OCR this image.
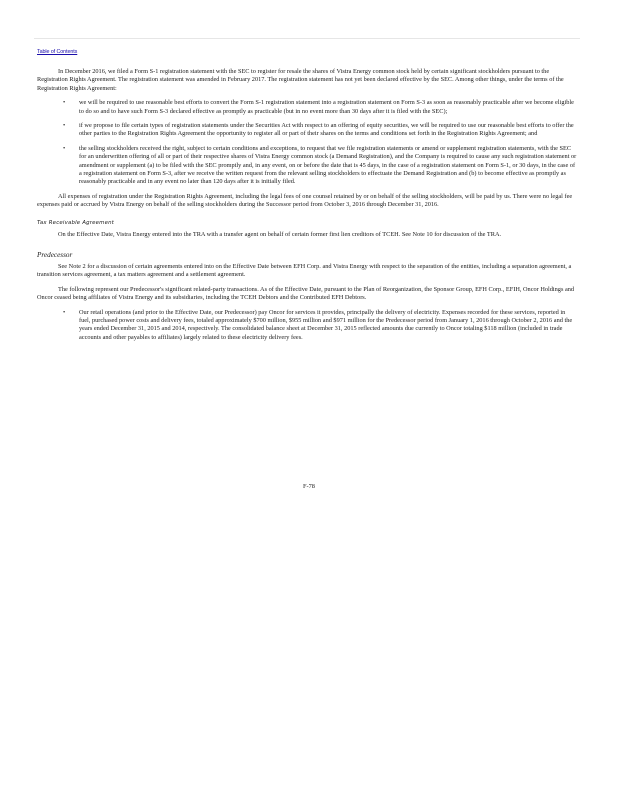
Table of Contents

In December 2016, we filed a Form S-1 registration statement with the SEC to register for resale the shares of Vistra Energy common stock held by certain significant stockholders pursuant to the Registration Rights Agreement. The registration statement was amended in February 2017. The registration statement has not yet been declared effective by the SEC. Among other things, under the terms of the Registration Rights Agreement:

• we will be required to use reasonable best efforts to convert the Form S-1 registration statement into a registration statement on Form S-3 as soon as reasonably practicable after we become eligible to do so and to have such Form S-3 declared effective as promptly as practicable (but in no event more than 30 days after it is filed with the SEC);
• if we propose to file certain types of registration statements under the Securities Act with respect to an offering of equity securities, we will be required to use our reasonable best efforts to offer the other parties to the Registration Rights Agreement the opportunity to register all or part of their shares on the terms and conditions set forth in the Registration Rights Agreement; and
• the selling stockholders received the right, subject to certain conditions and exceptions, to request that we file registration statements or amend or supplement registration statements, with the SEC for an underwritten offering of all or part of their respective shares of Vistra Energy common stock (a Demand Registration), and the Company is required to cause any such registration statement or amendment or supplement (a) to be filed with the SEC promptly and, in any event, on or before the date that is 45 days, in the case of a registration statement on Form S-1, or 30 days, in the case of a registration statement on Form S-3, after we receive the written request from the relevant selling stockholders to effectuate the Demand Registration and (b) to become effective as promptly as reasonably practicable and in any event no later than 120 days after it is initially filed.

All expenses of registration under the Registration Rights Agreement, including the legal fees of one counsel retained by or on behalf of the selling stockholders, will be paid by us. There were no legal fee expenses paid or accrued by Vistra Energy on behalf of the selling stockholders during the Successor period from October 3, 2016 through December 31, 2016.

Tax Receivable Agreement

On the Effective Date, Vistra Energy entered into the TRA with a transfer agent on behalf of certain former first lien creditors of TCEH. See Note 10 for discussion of the TRA.

Predecessor

See Note 2 for a discussion of certain agreements entered into on the Effective Date between EFH Corp. and Vistra Energy with respect to the separation of the entities, including a separation agreement, a transition services agreement, a tax matters agreement and a settlement agreement.

The following represent our Predecessor's significant related-party transactions. As of the Effective Date, pursuant to the Plan of Reorganization, the Sponsor Group, EFH Corp., EFIH, Oncor Holdings and Oncor ceased being affiliates of Vistra Energy and its subsidiaries, including the TCEH Debtors and the Contributed EFH Debtors.

• Our retail operations (and prior to the Effective Date, our Predecessor) pay Oncor for services it provides, principally the delivery of electricity. Expenses recorded for these services, reported in fuel, purchased power costs and delivery fees, totaled approximately $700 million, $955 million and $971 million for the Predecessor period from January 1, 2016 through October 2, 2016 and the years ended December 31, 2015 and 2014, respectively. The consolidated balance sheet at December 31, 2015 reflected amounts due currently to Oncor totaling $118 million (included in trade accounts and other payables to affiliates) largely related to these electricity delivery fees.
F-78
